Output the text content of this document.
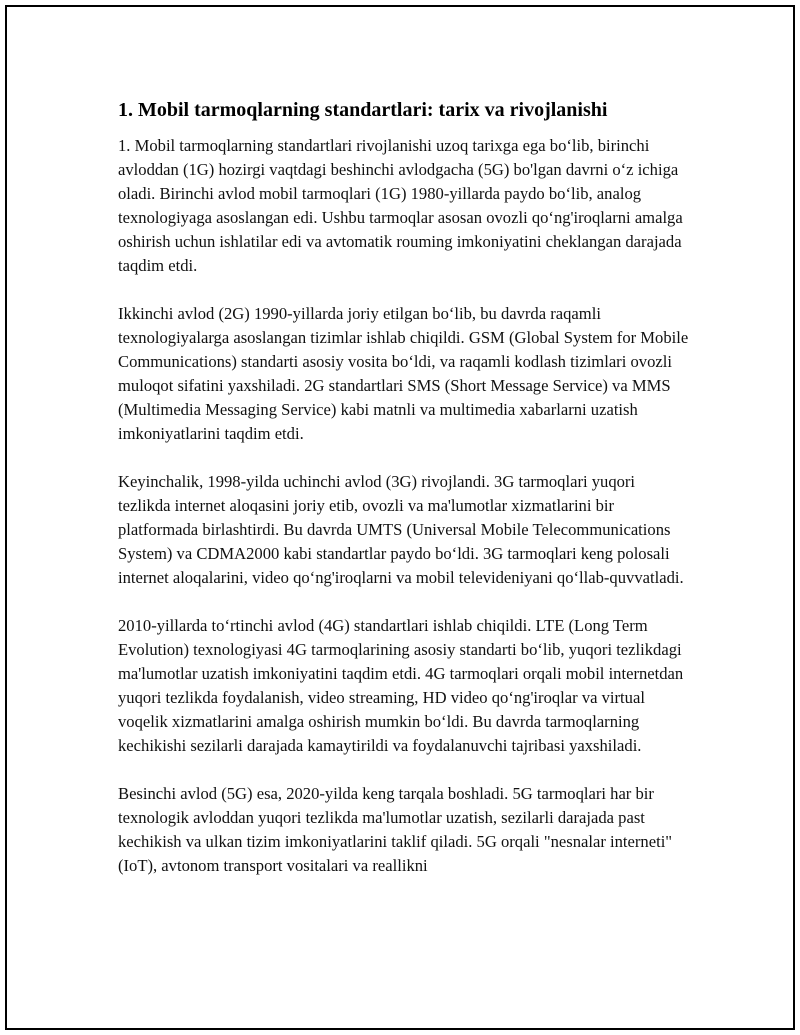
1. Mobil tarmoqlarning standartlari: tarix va rivojlanishi

1. Mobil tarmoqlarning standartlari rivojlanishi uzoq tarixga ega bo‘lib, birinchi avloddan (1G) hozirgi vaqtdagi beshinchi avlodgacha (5G) bo'lgan davrni o‘z ichiga oladi. Birinchi avlod mobil tarmoqlari (1G) 1980-yillarda paydo bo‘lib, analog texnologiyaga asoslangan edi. Ushbu tarmoqlar asosan ovozli qo‘ng'iroqlarni amalga oshirish uchun ishlatilar edi va avtomatik rouming imkoniyatini cheklangan darajada taqdim etdi.

Ikkinchi avlod (2G) 1990-yillarda joriy etilgan bo‘lib, bu davrda raqamli texnologiyalarga asoslangan tizimlar ishlab chiqildi. GSM (Global System for Mobile Communications) standarti asosiy vosita bo‘ldi, va raqamli kodlash tizimlari ovozli muloqot sifatini yaxshiladi. 2G standartlari SMS (Short Message Service) va MMS (Multimedia Messaging Service) kabi matnli va multimedia xabarlarni uzatish imkoniyatlarini taqdim etdi.

Keyinchalik, 1998-yilda uchinchi avlod (3G) rivojlandi. 3G tarmoqlari yuqori tezlikda internet aloqasini joriy etib, ovozli va ma'lumotlar xizmatlarini bir platformada birlashtirdi. Bu davrda UMTS (Universal Mobile Telecommunications System) va CDMA2000 kabi standartlar paydo bo‘ldi. 3G tarmoqlari keng polosali internet aloqalarini, video qo‘ng'iroqlarni va mobil televideniyani qo‘llab-quvvatladi.

2010-yillarda to‘rtinchi avlod (4G) standartlari ishlab chiqildi. LTE (Long Term Evolution) texnologiyasi 4G tarmoqlarining asosiy standarti bo‘lib, yuqori tezlikdagi ma'lumotlar uzatish imkoniyatini taqdim etdi. 4G tarmoqlari orqali mobil internetdan yuqori tezlikda foydalanish, video streaming, HD video qo‘ng'iroqlar va virtual voqelik xizmatlarini amalga oshirish mumkin bo‘ldi. Bu davrda tarmoqlarning kechikishi sezilarli darajada kamaytirildi va foydalanuvchi tajribasi yaxshiladi.

Besinchi avlod (5G) esa, 2020-yilda keng tarqala boshladi. 5G tarmoqlari har bir texnologik avloddan yuqori tezlikda ma'lumotlar uzatish, sezilarli darajada past kechikish va ulkan tizim imkoniyatlarini taklif qiladi. 5G orqali "nesnalar interneti" (IoT), avtonom transport vositalari va reallikni
